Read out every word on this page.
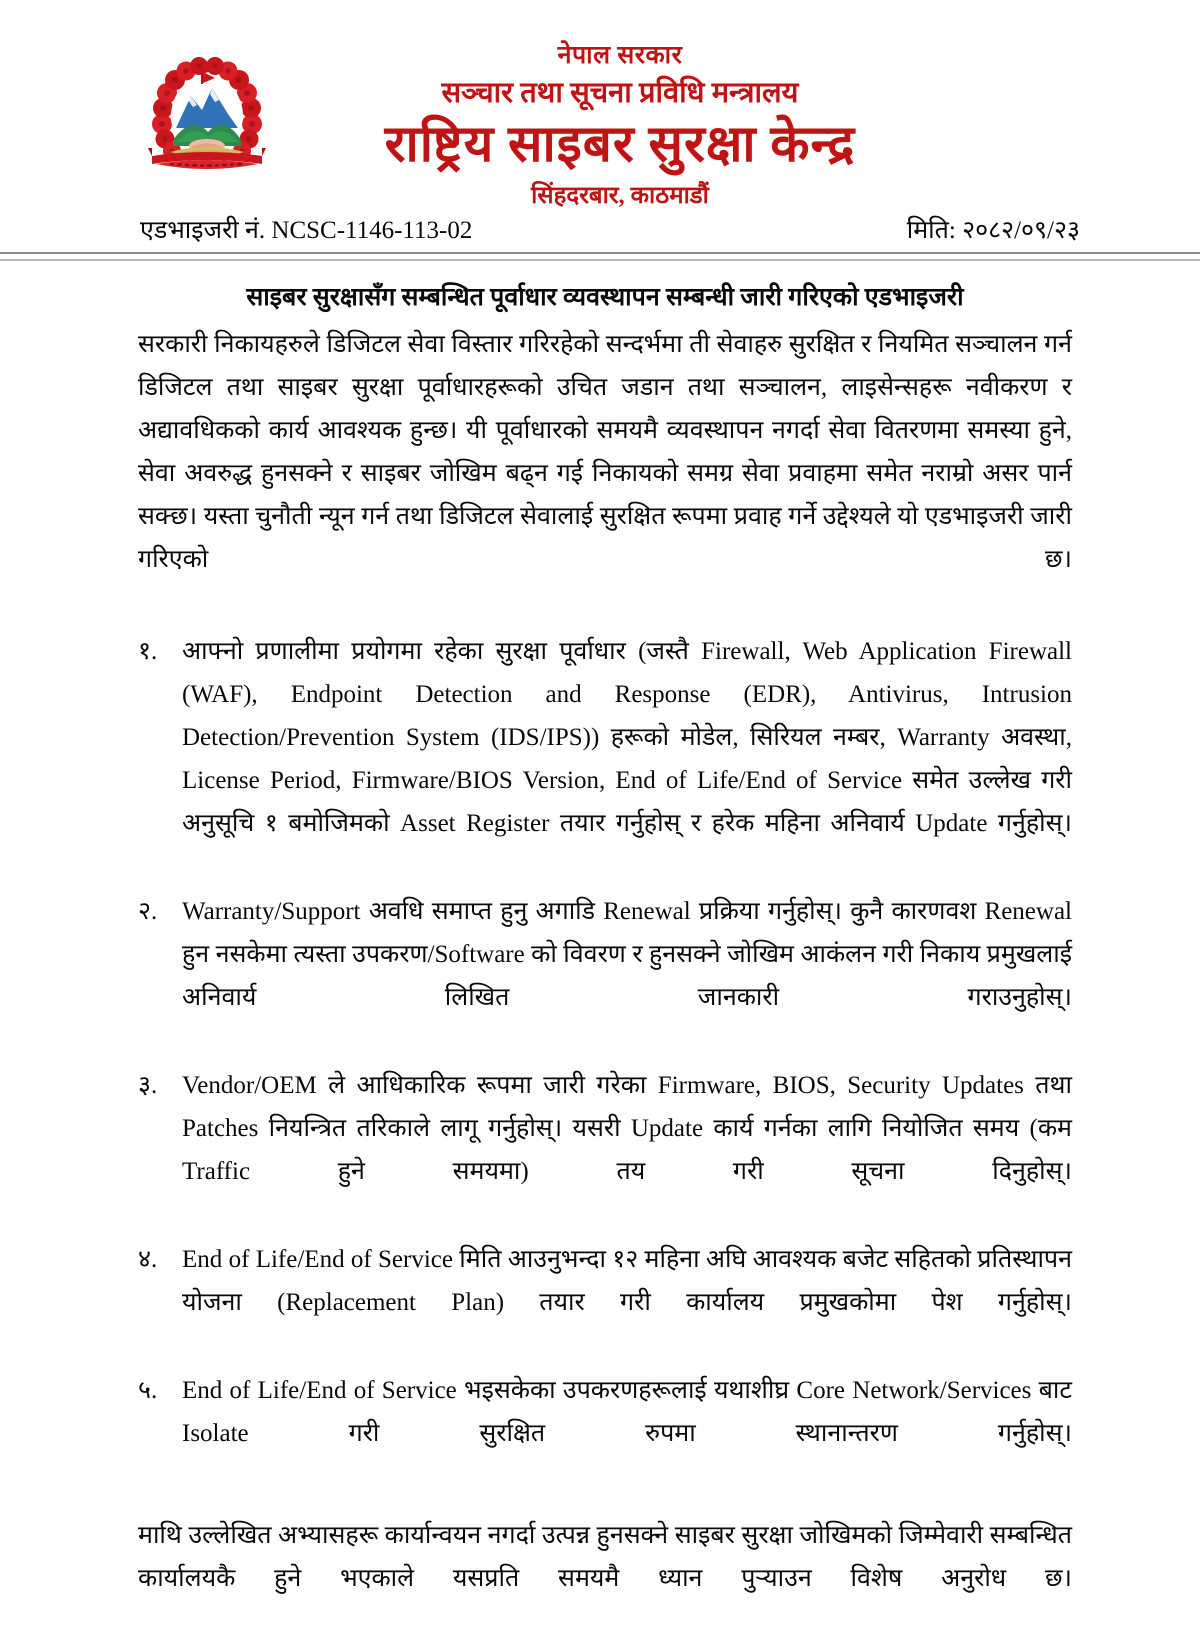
नेपाल सरकार
सञ्चार तथा सूचना प्रविधि मन्त्रालय
राष्ट्रिय साइबर सुरक्षा केन्द्र
सिंहदरबार, काठमाडौं
एडभाइजरी नं. NCSC-1146-113-02	मिति: २०८२/०९/२३
साइबर सुरक्षासँग सम्बन्धित पूर्वाधार व्यवस्थापन सम्बन्धी जारी गरिएको एडभाइजरी

सरकारी निकायहरुले डिजिटल सेवा विस्तार गरिरहेको सन्दर्भमा ती सेवाहरु सुरक्षित र नियमित सञ्चालन गर्न डिजिटल तथा साइबर सुरक्षा पूर्वाधारहरूको उचित जडान तथा सञ्चालन, लाइसेन्सहरू नवीकरण र अद्यावधिकको कार्य आवश्यक हुन्छ। यी पूर्वाधारको समयमै व्यवस्थापन नगर्दा सेवा वितरणमा समस्या हुने, सेवा अवरुद्ध हुनसक्ने र साइबर जोखिम बढ्न गई निकायको समग्र सेवा प्रवाहमा समेत नराम्रो असर पार्न सक्छ। यस्ता चुनौती न्यून गर्न तथा डिजिटल सेवालाई सुरक्षित रूपमा प्रवाह गर्ने उद्देश्यले यो एडभाइजरी जारी गरिएको छ।

१. आफ्नो प्रणालीमा प्रयोगमा रहेका सुरक्षा पूर्वाधार (जस्तै Firewall, Web Application Firewall (WAF), Endpoint Detection and Response (EDR), Antivirus, Intrusion Detection/Prevention System (IDS/IPS)) हरूको मोडेल, सिरियल नम्बर, Warranty अवस्था, License Period, Firmware/BIOS Version, End of Life/End of Service समेत उल्लेख गरी अनुसूचि १ बमोजिमको Asset Register तयार गर्नुहोस् र हरेक महिना अनिवार्य Update गर्नुहोस्।
२. Warranty/Support अवधि समाप्त हुनु अगाडि Renewal प्रक्रिया गर्नुहोस्। कुनै कारणवश Renewal हुन नसकेमा त्यस्ता उपकरण/Software को विवरण र हुनसक्ने जोखिम आकंलन गरी निकाय प्रमुखलाई अनिवार्य लिखित जानकारी गराउनुहोस्।
३. Vendor/OEM ले आधिकारिक रूपमा जारी गरेका Firmware, BIOS, Security Updates तथा Patches नियन्त्रित तरिकाले लागू गर्नुहोस्। यसरी Update कार्य गर्नका लागि नियोजित समय (कम Traffic हुने समयमा) तय गरी सूचना दिनुहोस्।
४. End of Life/End of Service मिति आउनुभन्दा १२ महिना अघि आवश्यक बजेट सहितको प्रतिस्थापन योजना (Replacement Plan) तयार गरी कार्यालय प्रमुखकोमा पेश गर्नुहोस्।
५. End of Life/End of Service भइसकेका उपकरणहरूलाई यथाशीघ्र Core Network/Services बाट Isolate गरी सुरक्षित रुपमा स्थानान्तरण गर्नुहोस्।

माथि उल्लेखित अभ्यासहरू कार्यान्वयन नगर्दा उत्पन्न हुनसक्ने साइबर सुरक्षा जोखिमको जिम्मेवारी सम्बन्धित कार्यालयकै हुने भएकाले यसप्रति समयमै ध्यान पुर्‍याउन विशेष अनुरोध छ।
